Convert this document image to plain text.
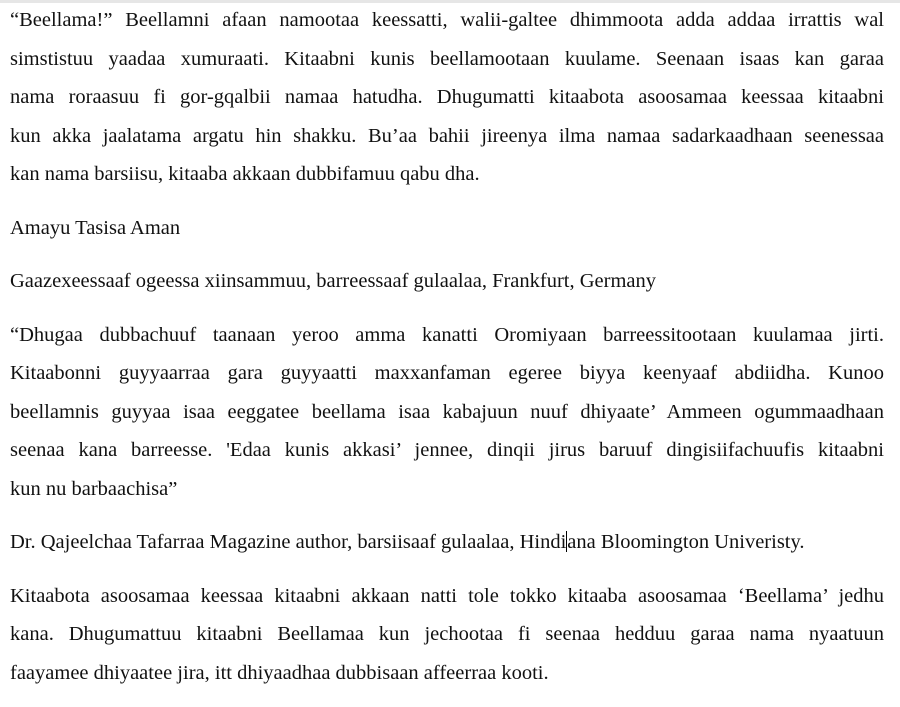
“Beellama!” Beellamni afaan namootaa keessatti, walii-galtee dhimmoota adda addaa irrattis wal
simstistuu yaadaa xumuraati. Kitaabni kunis beellamootaan kuulame. Seenaan isaas kan garaa
nama roraasuu fi gor-gqalbii namaa hatudha. Dhugumatti kitaabota asoosamaa keessaa kitaabni
kun akka jaalatama argatu hin shakku. Bu’aa bahii jireenya ilma namaa sadarkaadhaan seenessaa
kan nama barsiisu, kitaaba akkaan dubbifamuu qabu dha.
Amayu Tasisa Aman
Gaazexeessaaf ogeessa xiinsammuu, barreessaaf gulaalaa, Frankfurt, Germany
“Dhugaa dubbachuuf taanaan yeroo amma kanatti Oromiyaan barreessitootaan kuulamaa jirti.
Kitaabonni guyyaarraa gara guyyaatti maxxanfaman egeree biyya keenyaaf abdiidha. Kunoo
beellamnis guyyaa isaa eeggatee beellama isaa kabajuun nuuf dhiyaate’ Ammeen ogummaadhaan
seenaa kana barreesse. 'Edaa kunis akkasi’ jennee, dinqii jirus baruuf dingisiifachuufis kitaabni
kun nu barbaachisa”
Dr. Qajeelchaa Tafarraa Magazine author, barsiisaaf gulaalaa, Hindiana Bloomington Univeristy.
Kitaabota asoosamaa keessaa kitaabni akkaan natti tole tokko kitaaba asoosamaa ‘Beellama’ jedhu
kana. Dhugumattuu kitaabni Beellamaa kun jechootaa fi seenaa hedduu garaa nama nyaatuun
faayamee dhiyaatee jira, itt dhiyaadhaa dubbisaan affeerraa kooti.
